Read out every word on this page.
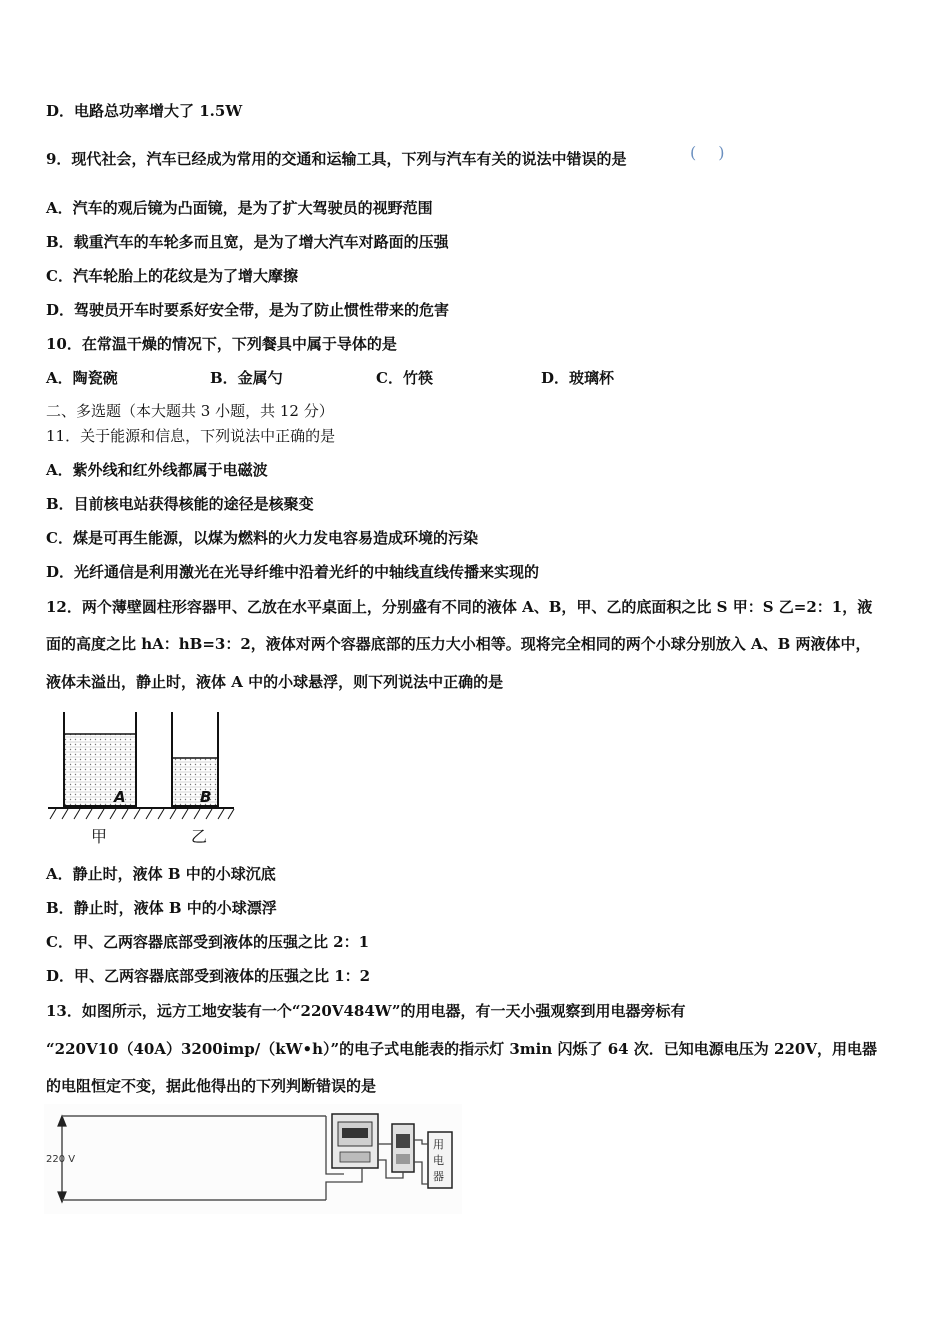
D．电路总功率增大了 1.5W
9．现代社会，汽车已经成为常用的交通和运输工具，下列与汽车有关的说法中错误的是	()
A．汽车的观后镜为凸面镜，是为了扩大驾驶员的视野范围
B．载重汽车的车轮多而且宽，是为了增大汽车对路面的压强
C．汽车轮胎上的花纹是为了增大摩擦
D．驾驶员开车时要系好安全带，是为了防止惯性带来的危害
10．在常温干燥的情况下，下列餐具中属于导体的是
A．陶瓷碗	B．金属勺	C．竹筷	D．玻璃杯
二、多选题（本大题共 3 小题，共 12 分）
11．关于能源和信息，下列说法中正确的是
A．紫外线和红外线都属于电磁波
B．目前核电站获得核能的途径是核聚变
C．煤是可再生能源，以煤为燃料的火力发电容易造成环境的污染
D．光纤通信是利用激光在光导纤维中沿着光纤的中轴线直线传播来实现的
12．两个薄壁圆柱形容器甲、乙放在水平桌面上，分别盛有不同的液体 A、B，甲、乙的底面积之比 S 甲：S 乙=2：1，液
面的高度之比 hA：hB=3：2，液体对两个容器底部的压力大小相等。现将完全相同的两个小球分别放入 A、B 两液体中，
液体未溢出，静止时，液体 A 中的小球悬浮，则下列说法中正确的是
A	B
甲	乙
A．静止时，液体 B 中的小球沉底
B．静止时，液体 B 中的小球漂浮
C．甲、乙两容器底部受到液体的压强之比 2：1
D．甲、乙两容器底部受到液体的压强之比 1：2
13．如图所示，远方工地安装有一个“220V484W”的用电器，有一天小强观察到用电器旁标有
“220V10（40A）3200imp/（kW•h）”的电子式电能表的指示灯 3min 闪烁了 64 次．已知电源电压为 220V，用电器
的电阻恒定不变，据此他得出的下列判断错误的是
220 V
用
电
器
